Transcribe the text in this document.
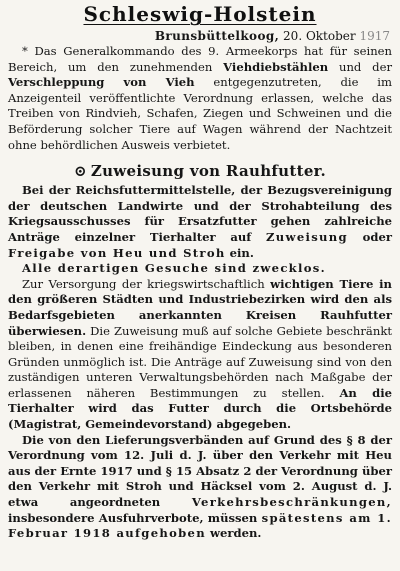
Schleswig-Holstein
Brunsbüttelkoog, 20. Oktober 1917

* Das Generalkommando des 9. Armeekorps hat für seinen Bereich, um den zunehmenden Viehdiebstählen und der Verschleppung von Vieh entgegenzutreten, die im Anzeigenteil veröffentlichte Verordnung erlassen, welche das Treiben von Rindvieh, Schafen, Ziegen und Schweinen und die Beförderung solcher Tiere auf Wagen während der Nachtzeit ohne behördlichen Ausweis verbietet.

⊙ Zuweisung von Rauhfutter.

Bei der Reichsfuttermittelstelle, der Bezugsvereinigung der deutschen Landwirte und der Strohabteilung des Kriegsausschusses für Ersatzfutter gehen zahlreiche Anträge einzelner Tierhalter auf Zuweisung oder Freigabe von Heu und Stroh ein.

Alle derartigen Gesuche sind zwecklos.

Zur Versorgung der kriegswirtschaftlich wichtigen Tiere in den größeren Städten und Industriebezirken wird den als Bedarfsgebieten anerkannten Kreisen Rauhfutter überwiesen. Die Zuweisung muß auf solche Gebiete beschränkt bleiben, in denen eine freihändige Eindeckung aus besonderen Gründen unmöglich ist. Die Anträge auf Zuweisung sind von den zuständigen unteren Verwaltungsbehörden nach Maßgabe der erlassenen näheren Bestimmungen zu stellen. An die Tierhalter wird das Futter durch die Ortsbehörde (Magistrat, Gemeindevorstand) abgegeben.

Die von den Lieferungsverbänden auf Grund des § 8 der Verordnung vom 12. Juli d. J. über den Verkehr mit Heu aus der Ernte 1917 und § 15 Absatz 2 der Verordnung über den Verkehr mit Stroh und Häcksel vom 2. August d. J. etwa angeordneten Verkehrsbeschränkungen, insbesondere Ausfuhrverbote, müssen spätestens am 1. Februar 1918 aufgehoben werden.
